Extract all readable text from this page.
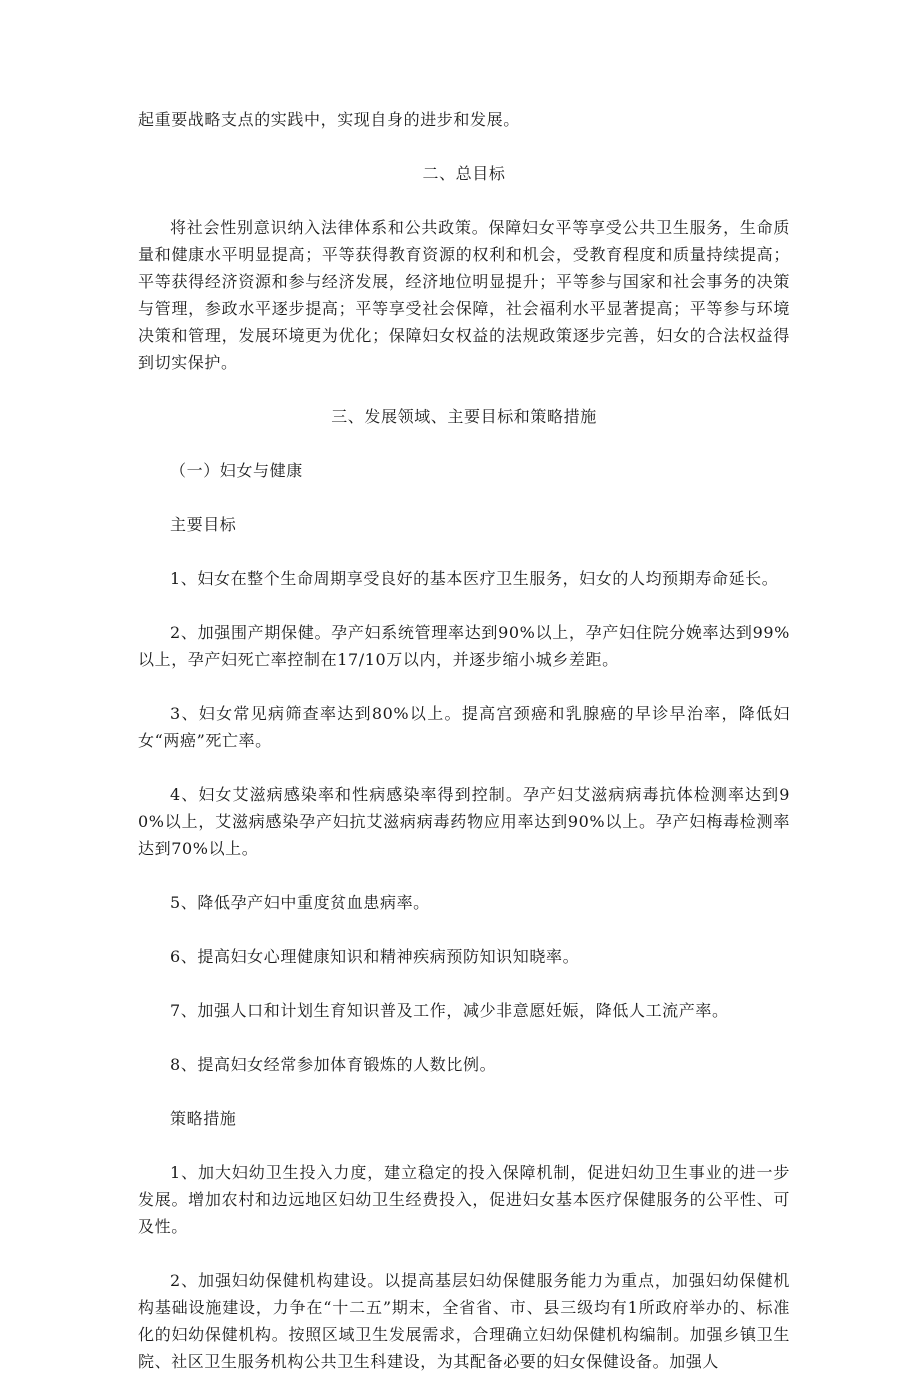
起重要战略支点的实践中，实现自身的进步和发展。

二、总目标

将社会性别意识纳入法律体系和公共政策。保障妇女平等享受公共卫生服务，生命质量和健康水平明显提高；平等获得教育资源的权利和机会，受教育程度和质量持续提高；平等获得经济资源和参与经济发展，经济地位明显提升；平等参与国家和社会事务的决策与管理，参政水平逐步提高；平等享受社会保障，社会福利水平显著提高；平等参与环境决策和管理，发展环境更为优化；保障妇女权益的法规政策逐步完善，妇女的合法权益得到切实保护。

三、发展领域、主要目标和策略措施

（一）妇女与健康

主要目标

1、妇女在整个生命周期享受良好的基本医疗卫生服务，妇女的人均预期寿命延长。

2、加强围产期保健。孕产妇系统管理率达到90%以上，孕产妇住院分娩率达到99%以上，孕产妇死亡率控制在17/10万以内，并逐步缩小城乡差距。

3、妇女常见病筛查率达到80%以上。提高宫颈癌和乳腺癌的早诊早治率，降低妇女“两癌”死亡率。

4、妇女艾滋病感染率和性病感染率得到控制。孕产妇艾滋病病毒抗体检测率达到90%以上，艾滋病感染孕产妇抗艾滋病病毒药物应用率达到90%以上。孕产妇梅毒检测率达到70%以上。

5、降低孕产妇中重度贫血患病率。

6、提高妇女心理健康知识和精神疾病预防知识知晓率。

7、加强人口和计划生育知识普及工作，减少非意愿妊娠，降低人工流产率。

8、提高妇女经常参加体育锻炼的人数比例。

策略措施

1、加大妇幼卫生投入力度，建立稳定的投入保障机制，促进妇幼卫生事业的进一步发展。增加农村和边远地区妇幼卫生经费投入，促进妇女基本医疗保健服务的公平性、可及性。

2、加强妇幼保健机构建设。以提高基层妇幼保健服务能力为重点，加强妇幼保健机构基础设施建设，力争在“十二五”期末，全省省、市、县三级均有1所政府举办的、标准化的妇幼保健机构。按照区域卫生发展需求，合理确立妇幼保健机构编制。加强乡镇卫生院、社区卫生服务机构公共卫生科建设，为其配备必要的妇女保健设备。加强人
